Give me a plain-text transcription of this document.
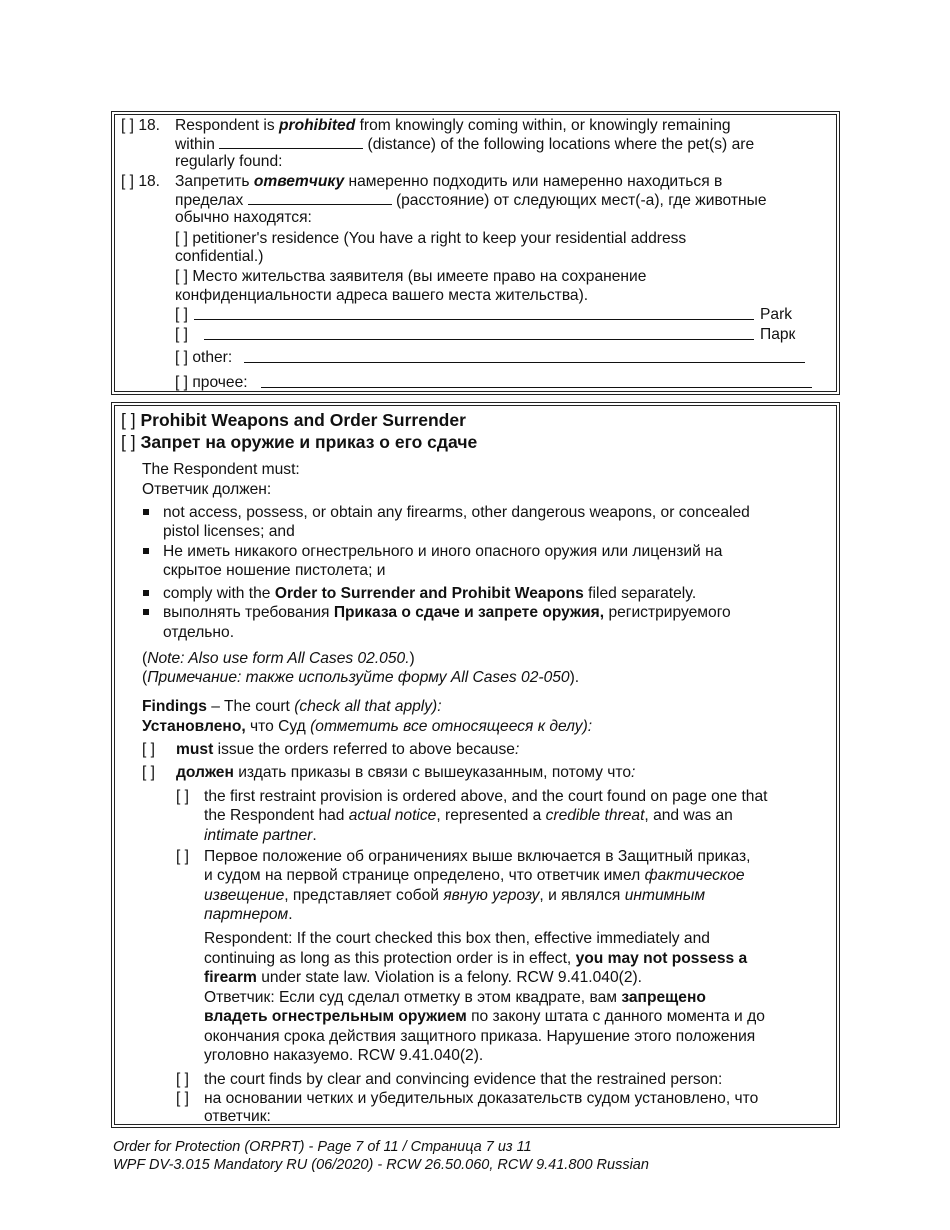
[ ] 18. Respondent is prohibited from knowingly coming within, or knowingly remaining
within	(distance) of the following locations where the pet(s) are
regularly found:
[ ] 18. Запретить ответчику намеренно подходить или намеренно находиться в
пределах	(расстояние) от следующих мест(-а), где животные
обычно находятся:
[ ] petitioner's residence (You have a right to keep your residential address
confidential.)
[ ] Место жительства заявителя (вы имеете право на сохранение
конфиденциальности адреса вашего места жительства).
[ ]	Park
[ ]	Парк
[ ] other:
[ ] прочее:
[ ] Prohibit Weapons and Order Surrender
[ ] Запрет на оружие и приказ о его сдаче
The Respondent must:
Ответчик должен:
not access, possess, or obtain any firearms, other dangerous weapons, or concealed
pistol licenses; and
Не иметь никакого огнестрельного и иного опасного оружия или лицензий на
скрытое ношение пистолета; и
comply with the Order to Surrender and Prohibit Weapons filed separately.
выполнять требования Приказа о сдаче и запрете оружия, регистрируемого
отдельно.
(Note: Also use form All Cases 02.050.)
(Примечание: также используйте форму All Cases 02-050).
Findings – The court (check all that apply):
Установлено, что Суд (отметить все относящееся к делу):
[ ] must issue the orders referred to above because:
[ ] должен издать приказы в связи с вышеуказанным, потому что:
[ ] the first restraint provision is ordered above, and the court found on page one that
the Respondent had actual notice, represented a credible threat, and was an
intimate partner.
[ ] Первое положение об ограничениях выше включается в Защитный приказ,
и судом на первой странице определено, что ответчик имел фактическое
извещение, представляет собой явную угрозу, и являлся интимным
партнером.
Respondent: If the court checked this box then, effective immediately and
continuing as long as this protection order is in effect, you may not possess a
firearm under state law. Violation is a felony. RCW 9.41.040(2).
Ответчик: Если суд сделал отметку в этом квадрате, вам запрещено
владеть огнестрельным оружием по закону штата с данного момента и до
окончания срока действия защитного приказа. Нарушение этого положения
уголовно наказуемо. RCW 9.41.040(2).
[ ] the court finds by clear and convincing evidence that the restrained person:
[ ] на основании четких и убедительных доказательств судом установлено, что
ответчик:
Order for Protection (ORPRT) - Page 7 of 11 / Страница 7 из 11
WPF DV-3.015 Mandatory RU (06/2020) - RCW 26.50.060, RCW 9.41.800 Russian
